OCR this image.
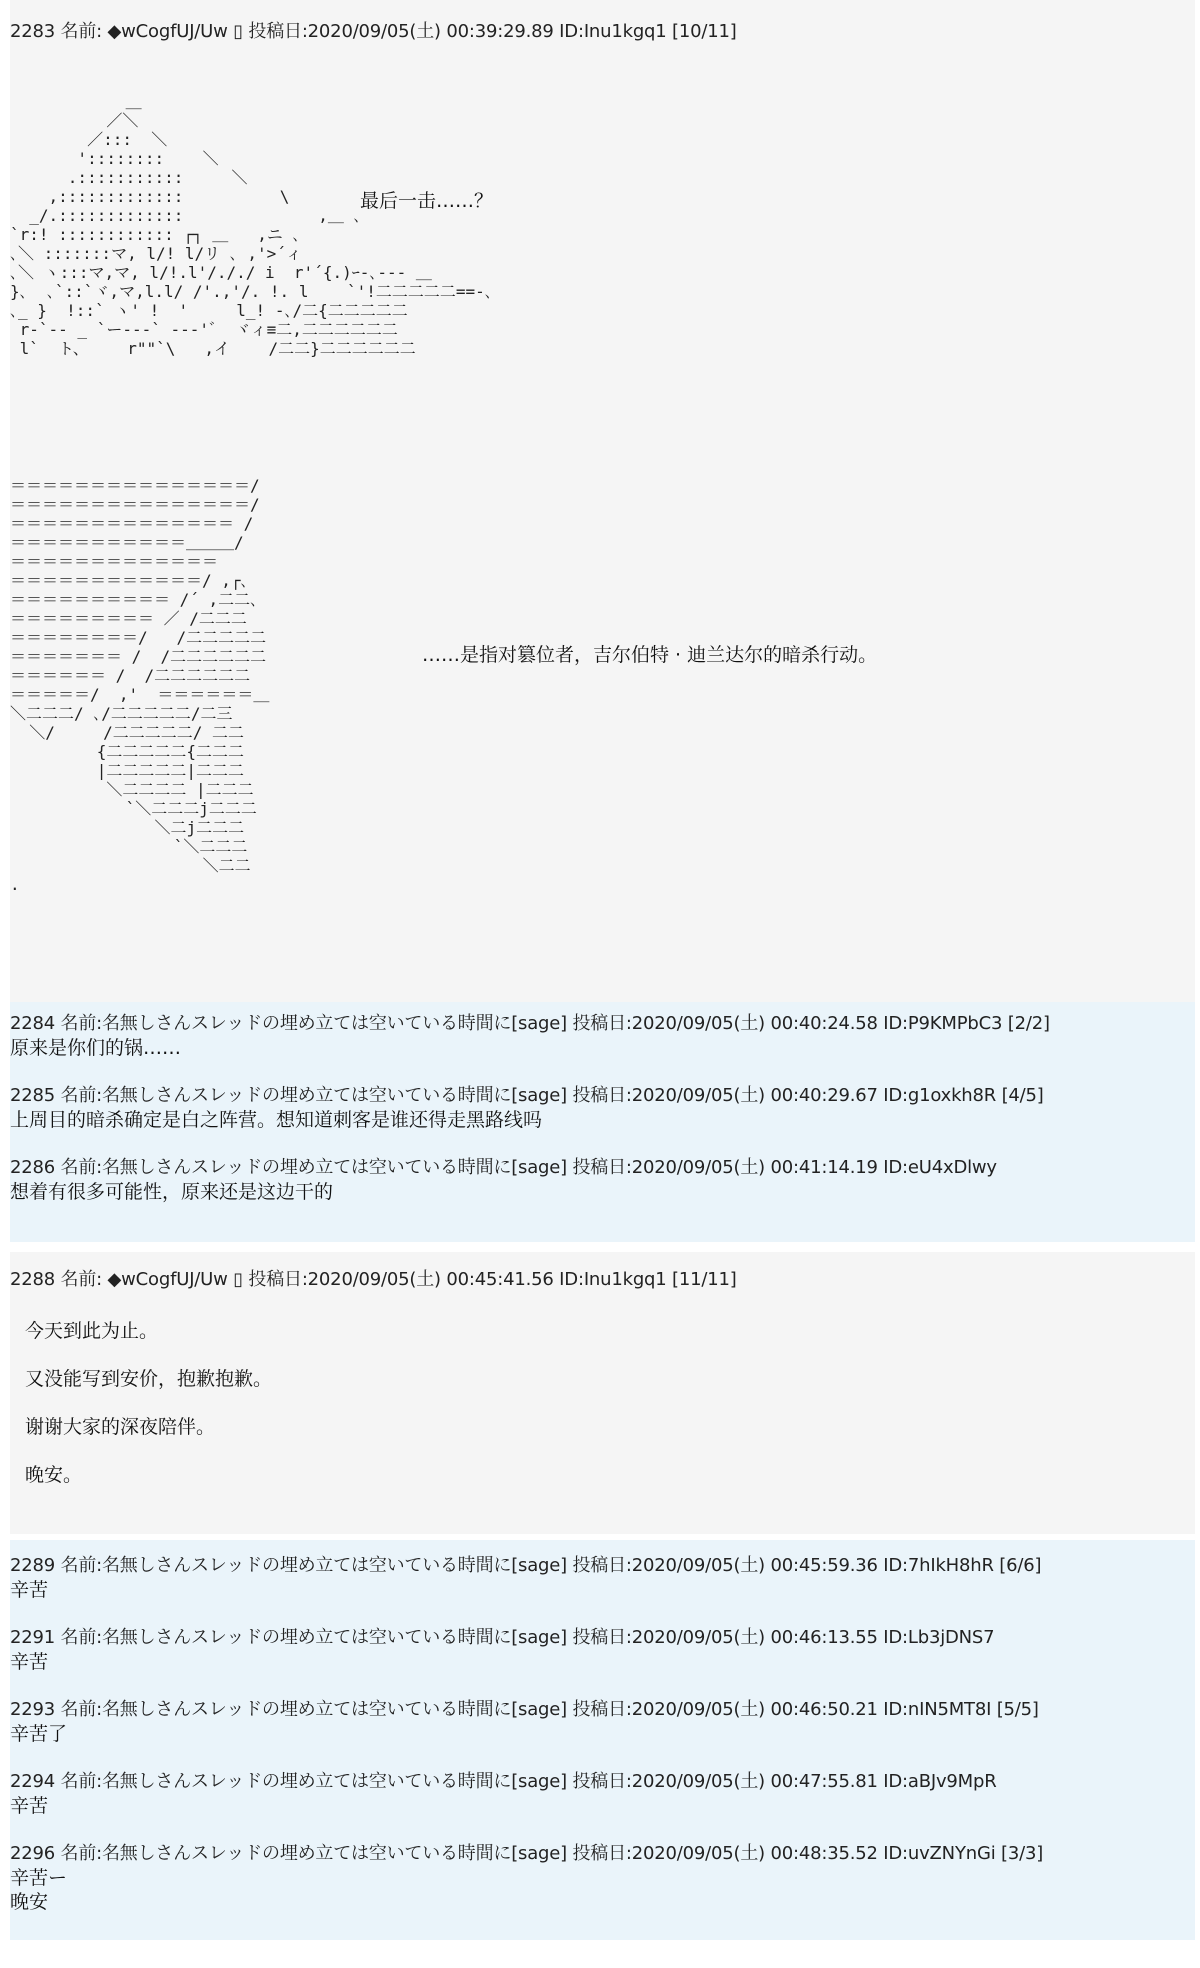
2283 名前: ◆wCogfUJ/Uw ▯ 投稿日:2020/09/05(土) 00:39:29.89 ID:Inu1kgq1 [10/11]
＿
／＼
／:::  ＼
'::::::::    ＼
.:::::::::::     ＼
,:::::::::::::          \
_/.:::::::::::::              ,＿ ､
`r:! :::::::::::: ┌┐ ＿   ,ニ ､
､＼ :::::::マ, l/! l/リ ､ ,'>´ィ
､＼ ヽ:::マ,マ, l/!.l'/././ i  r'´{.)ｰ-､--- ＿
}､  ､`::`ヾ,マ,l.l/ /'.,'/. !. l    `'!二二二二二==-､
､_ }  !::` ヽ' !  '     l_! -､/二{二二二二二
r-`-- _ `ー---` -‐‐'゛ ヾィ≡二,二二二二二二
l`  ト、    r""`\   ,イ    /二二}二二二二二二
最后一击……？
＝＝＝＝＝＝＝＝＝＝＝＝＝＝＝/
＝＝＝＝＝＝＝＝＝＝＝＝＝＝＝/
＝＝＝＝＝＝＝＝＝＝＝＝＝＝ /
＝＝＝＝＝＝＝＝＝＝＝＿＿＿/
＝＝＝＝＝＝＝＝＝＝＝＝＝
＝＝＝＝＝＝＝＝＝＝＝＝/ ,┌､
＝＝＝＝＝＝＝＝＝＝ /´ ,二二､
＝＝＝＝＝＝＝＝＝ ／ /二二二
＝＝＝＝＝＝＝＝/   /二二二二二
＝＝＝＝＝＝＝ /  /二二二二二二
＝＝＝＝＝＝ /  /二二二二二二
＝＝＝＝＝/  ,'  ＝＝＝＝＝＝＿
＼二二二/ ､/二二二二二/二三
＼/     /二二二二二/ 二二
{二二二二二{二二二
|二二二二二|二二二
＼二二二二 |二二二
`＼二二二j二二二
＼二j二二二
`＼二二二
＼二二
.
……是指对篡位者，吉尔伯特 · 迪兰达尔的暗杀行动。
2284 名前:名無しさんスレッドの埋め立ては空いている時間に[sage] 投稿日:2020/09/05(土) 00:40:24.58 ID:P9KMPbC3 [2/2]
原来是你们的锅……
2285 名前:名無しさんスレッドの埋め立ては空いている時間に[sage] 投稿日:2020/09/05(土) 00:40:29.67 ID:g1oxkh8R [4/5]
上周目的暗杀确定是白之阵营。想知道刺客是谁还得走黑路线吗
2286 名前:名無しさんスレッドの埋め立ては空いている時間に[sage] 投稿日:2020/09/05(土) 00:41:14.19 ID:eU4xDlwy
想着有很多可能性，原来还是这边干的
2288 名前: ◆wCogfUJ/Uw ▯ 投稿日:2020/09/05(土) 00:45:41.56 ID:Inu1kgq1 [11/11]
今天到此为止。
又没能写到安价，抱歉抱歉。
谢谢大家的深夜陪伴。
晚安。
2289 名前:名無しさんスレッドの埋め立ては空いている時間に[sage] 投稿日:2020/09/05(土) 00:45:59.36 ID:7hIkH8hR [6/6]
辛苦
2291 名前:名無しさんスレッドの埋め立ては空いている時間に[sage] 投稿日:2020/09/05(土) 00:46:13.55 ID:Lb3jDNS7
辛苦
2293 名前:名無しさんスレッドの埋め立ては空いている時間に[sage] 投稿日:2020/09/05(土) 00:46:50.21 ID:nIN5MT8I [5/5]
辛苦了
2294 名前:名無しさんスレッドの埋め立ては空いている時間に[sage] 投稿日:2020/09/05(土) 00:47:55.81 ID:aBJv9MpR
辛苦
2296 名前:名無しさんスレッドの埋め立ては空いている時間に[sage] 投稿日:2020/09/05(土) 00:48:35.52 ID:uvZNYnGi [3/3]
辛苦ー
晚安
